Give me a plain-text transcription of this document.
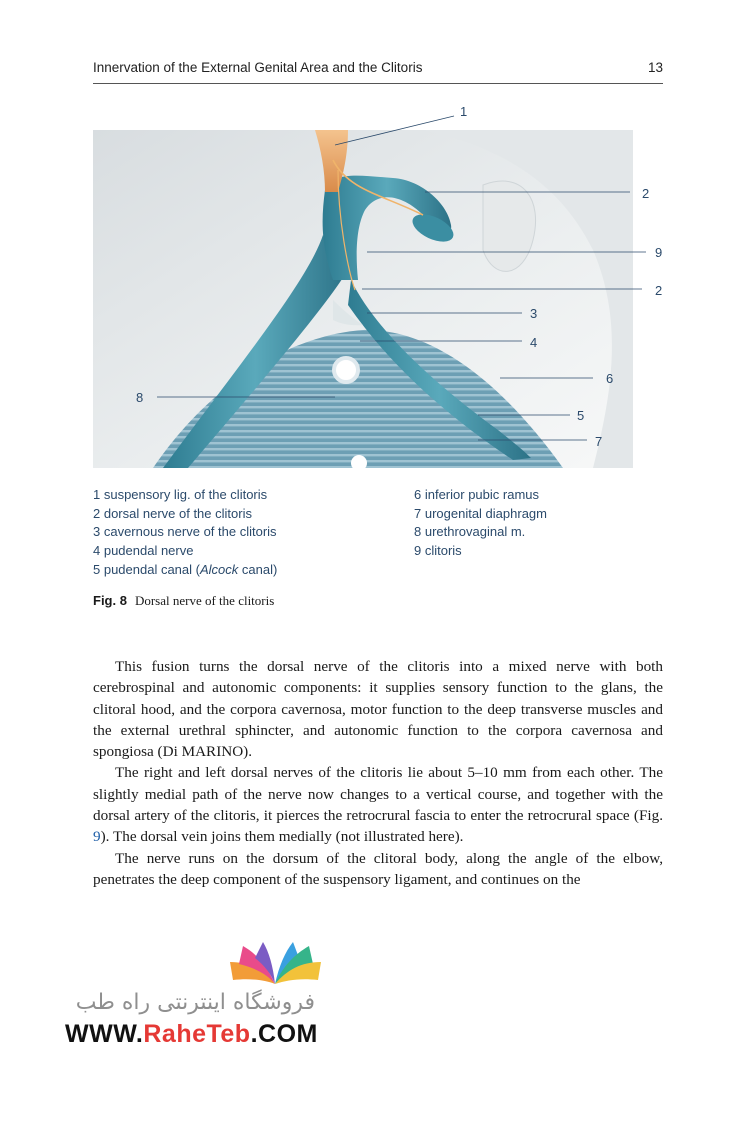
Innervation of the External Genital Area and the Clitoris	13
1
2
9
2
3
4
6
8
5
7
1 suspensory lig. of the clitoris
2 dorsal nerve of the clitoris
3 cavernous nerve of the clitoris
4 pudendal nerve
5 pudendal canal (Alcock canal)
6 inferior pubic ramus
7 urogenital diaphragm
8 urethrovaginal m.
9 clitoris
Fig. 8 Dorsal nerve of the clitoris

This fusion turns the dorsal nerve of the clitoris into a mixed nerve with both cerebrospinal and autonomic components: it supplies sensory function to the glans, the clitoral hood, and the corpora cavernosa, motor function to the deep transverse muscles and the external urethral sphincter, and autonomic function to the corpora cavernosa and spongiosa (Di MARINO).

The right and left dorsal nerves of the clitoris lie about 5–10 mm from each other. The slightly medial path of the nerve now changes to a vertical course, and together with the dorsal artery of the clitoris, it pierces the retrocrural fascia to enter the retrocrural space (Fig. 9). The dorsal vein joins them medially (not illustrated here).

The nerve runs on the dorsum of the clitoral body, along the angle of the elbow, penetrates the deep component of the suspensory ligament, and continues on the

فروشگاه اینترنتی راه طب
WWW.RaheTeb.COM
